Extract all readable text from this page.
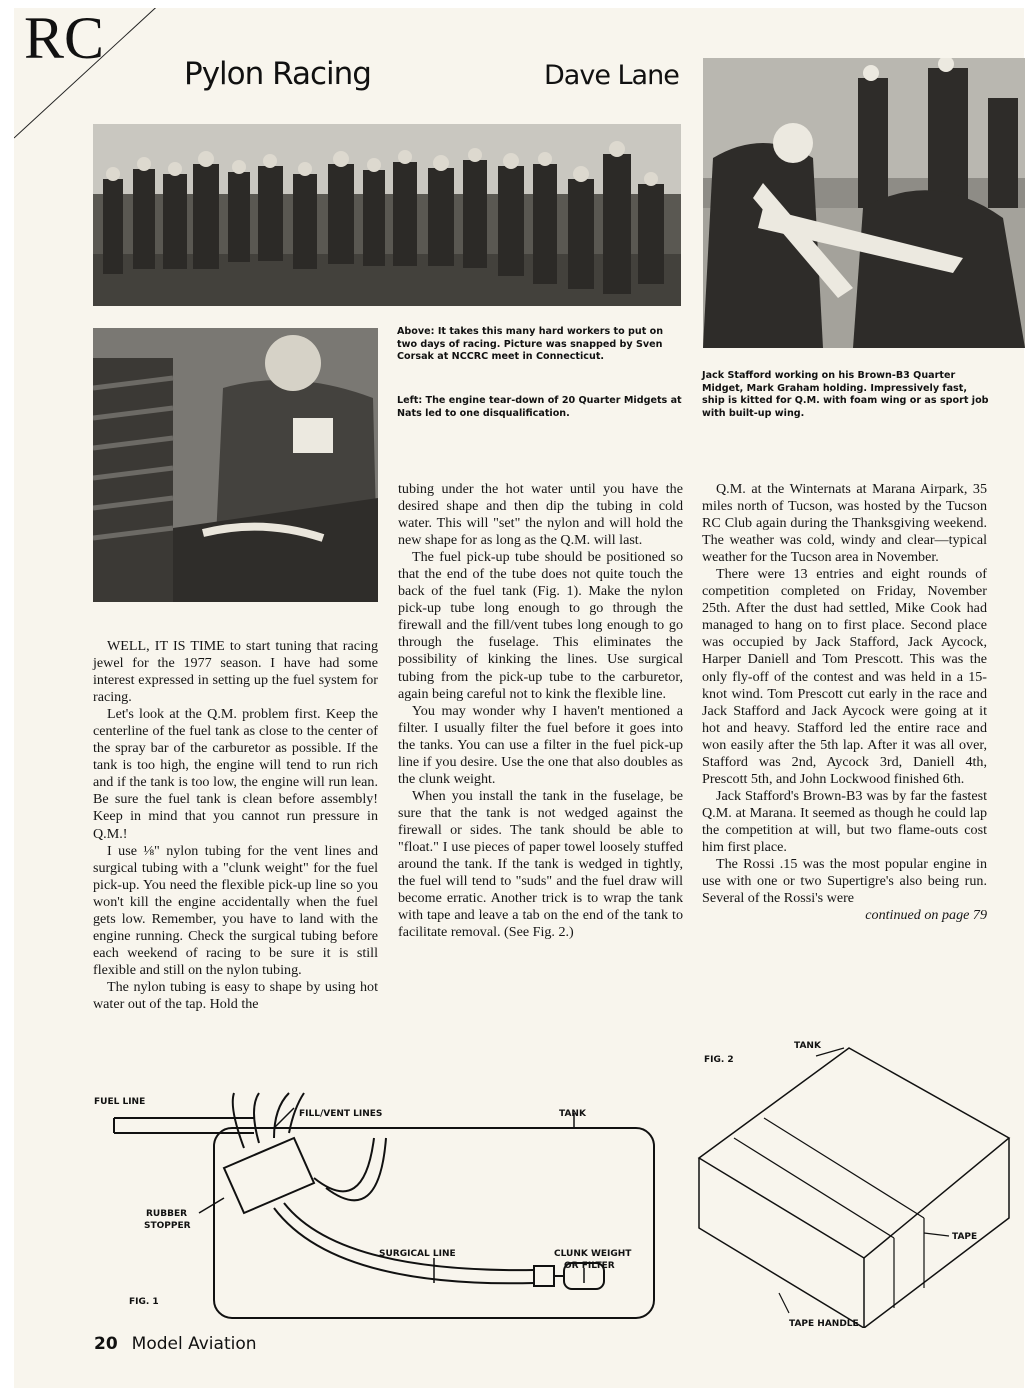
RC
Pylon Racing	Dave Lane
Above: It takes this many hard workers to put on two days of racing. Picture was snapped by Sven Corsak at NCCRC meet in Connecticut.
Left: The engine tear-down of 20 Quarter Midgets at Nats led to one disqualification.
Jack Stafford working on his Brown-B3 Quarter Midget, Mark Graham holding. Impressively fast, ship is kitted for Q.M. with foam wing or as sport job with built-up wing.

WELL, IT IS TIME to start tuning that racing jewel for the 1977 season. I have had some interest expressed in setting up the fuel system for racing.

Let's look at the Q.M. problem first. Keep the centerline of the fuel tank as close to the center of the spray bar of the carburetor as possible. If the tank is too high, the engine will tend to run rich and if the tank is too low, the engine will run lean. Be sure the fuel tank is clean before assembly! Keep in mind that you cannot run pressure in Q.M.!

I use ⅛" nylon tubing for the vent lines and surgical tubing with a "clunk weight" for the fuel pick-up. You need the flexible pick-up line so you won't kill the engine accidentally when the fuel gets low. Remember, you have to land with the engine running. Check the surgical tubing before each weekend of racing to be sure it is still flexible and still on the nylon tubing.

The nylon tubing is easy to shape by using hot water out of the tap. Hold the

tubing under the hot water until you have the desired shape and then dip the tubing in cold water. This will "set" the nylon and will hold the new shape for as long as the Q.M. will last.

The fuel pick-up tube should be positioned so that the end of the tube does not quite touch the back of the fuel tank (Fig. 1). Make the nylon pick-up tube long enough to go through the firewall and the fill/vent tubes long enough to go through the fuselage. This eliminates the possibility of kinking the lines. Use surgical tubing from the pick-up tube to the carburetor, again being careful not to kink the flexible line.

You may wonder why I haven't mentioned a filter. I usually filter the fuel before it goes into the tanks. You can use a filter in the fuel pick-up line if you desire. Use the one that also doubles as the clunk weight.

When you install the tank in the fuselage, be sure that the tank is not wedged against the firewall or sides. The tank should be able to "float." I use pieces of paper towel loosely stuffed around the tank. If the tank is wedged in tightly, the fuel will tend to "suds" and the fuel draw will become erratic. Another trick is to wrap the tank with tape and leave a tab on the end of the tank to facilitate removal. (See Fig. 2.)

Q.M. at the Winternats at Marana Airpark, 35 miles north of Tucson, was hosted by the Tucson RC Club again during the Thanksgiving weekend. The weather was cold, windy and clear—typical weather for the Tucson area in November.

There were 13 entries and eight rounds of competition completed on Friday, November 25th. After the dust had settled, Mike Cook had managed to hang on to first place. Second place was occupied by Jack Stafford, Jack Aycock, Harper Daniell and Tom Prescott. This was the only fly-off of the contest and was held in a 15-knot wind. Tom Prescott cut early in the race and Jack Stafford and Jack Aycock were going at it hot and heavy. Stafford led the entire race and won easily after the 5th lap. After it was all over, Stafford was 2nd, Aycock 3rd, Daniell 4th, Prescott 5th, and John Lockwood finished 6th.

Jack Stafford's Brown-B3 was by far the fastest Q.M. at Marana. It seemed as though he could lap the competition at will, but two flame-outs cost him first place.

The Rossi .15 was the most popular engine in use with one or two Supertigre's also being run. Several of the Rossi's were

continued on page 79
FUEL LINE
FILL/VENT LINES	TANK
RUBBER
STOPPER
SURGICAL LINE	CLUNK WEIGHT
OR FILTER
FIG. 1
TANK
FIG. 2
TAPE
TAPE HANDLE
20 Model Aviation
